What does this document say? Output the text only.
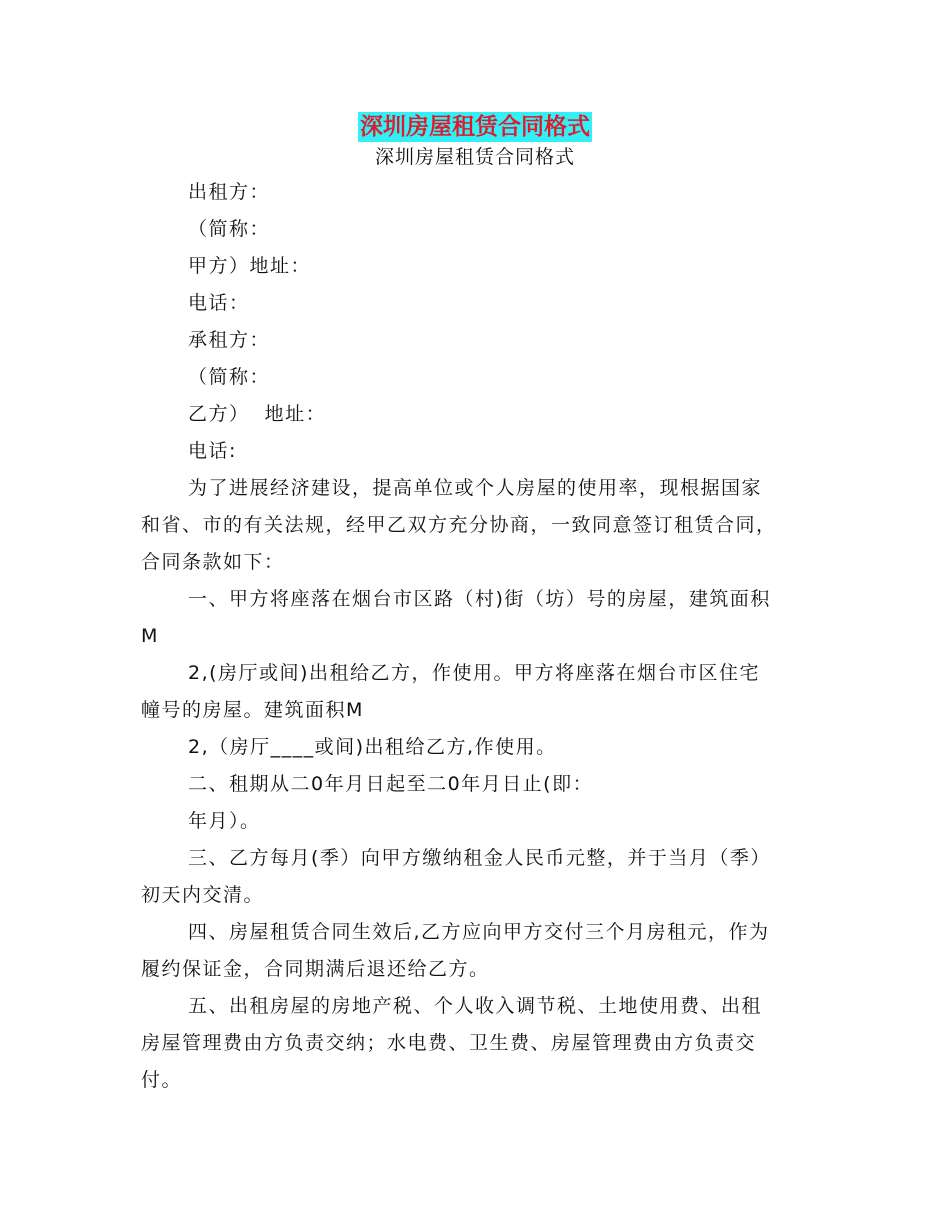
深圳房屋租赁合同格式
深圳房屋租赁合同格式
出租方：
（简称：
甲方）地址：
电话：
承租方：
（简称：
乙方）  地址：
电话:
为了进展经济建设，提高单位或个人房屋的使用率，现根据国家
和省、市的有关法规，经甲乙双方充分协商，一致同意签订租赁合同，
合同条款如下：
一、甲方将座落在烟台市区路（村)街（坊）号的房屋，建筑面积
M
2,(房厅或间)出租给乙方，作使用。甲方将座落在烟台市区住宅
幢号的房屋。建筑面积M
2,（房厅____或间)出租给乙方,作使用。
二、租期从二0年月日起至二0年月日止(即：
年月）。
三、乙方每月(季）向甲方缴纳租金人民币元整，并于当月（季）
初天内交清。
四、房屋租赁合同生效后,乙方应向甲方交付三个月房租元，作为
履约保证金，合同期满后退还给乙方。
五、出租房屋的房地产税、个人收入调节税、土地使用费、出租
房屋管理费由方负责交纳；水电费、卫生费、房屋管理费由方负责交
付。
